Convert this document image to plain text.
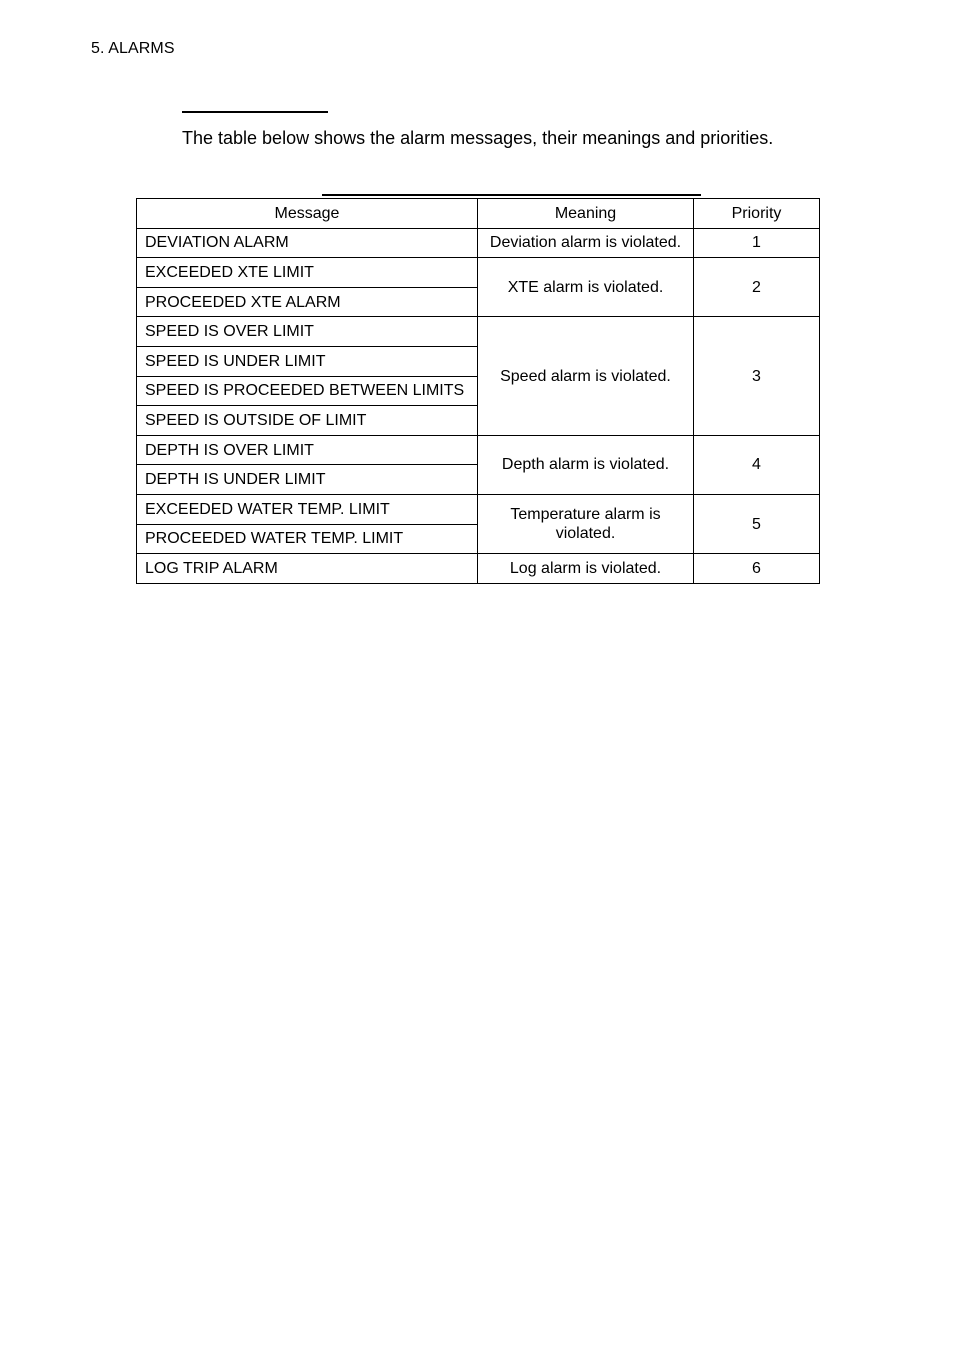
5. ALARMS
The table below shows the alarm messages, their meanings and priorities.
Message	Meaning	Priority
DEVIATION ALARM	Deviation alarm is violated.	1
EXCEEDED XTE LIMIT	XTE alarm is violated.	2
PROCEEDED XTE ALARM		
SPEED IS OVER LIMIT	Speed alarm is violated.	3
SPEED IS UNDER LIMIT		
SPEED IS PROCEEDED BETWEEN LIMITS		
SPEED IS OUTSIDE OF LIMIT		
DEPTH IS OVER LIMIT	Depth alarm is violated.	4
DEPTH IS UNDER LIMIT		
EXCEEDED WATER TEMP. LIMIT	Temperature alarm is violated.	5
PROCEEDED WATER TEMP. LIMIT		
LOG TRIP ALARM	Log alarm is violated.	6
